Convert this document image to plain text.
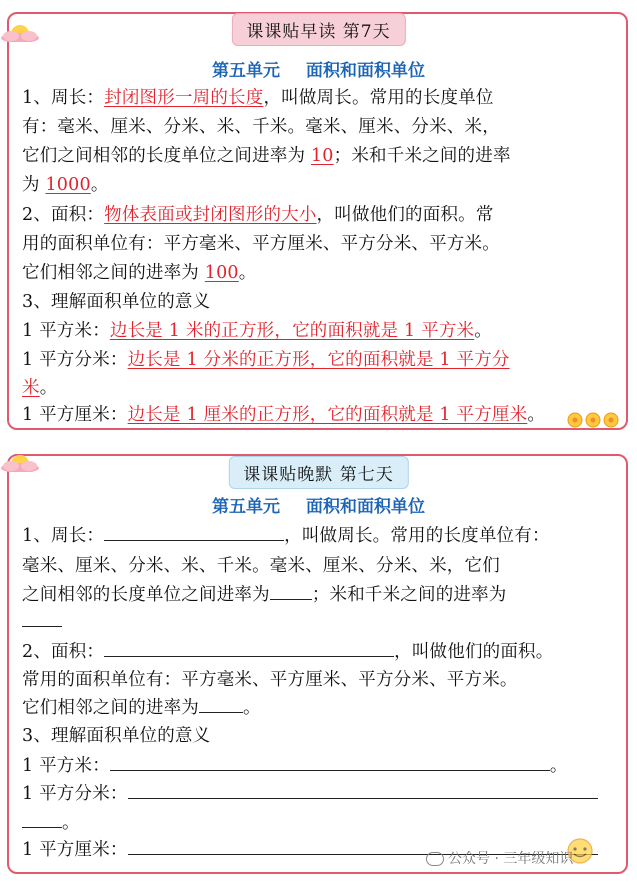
课课贴早读 第7天
第五单元 面积和面积单位
1、周长：封闭图形一周的长度，叫做周长。常用的长度单位
有：毫米、厘米、分米、米、千米。毫米、厘米、分米、米，
它们之间相邻的长度单位之间进率为 10；米和千米之间的进率
为 1000。
2、面积：物体表面或封闭图形的大小，叫做他们的面积。常
用的面积单位有：平方毫米、平方厘米、平方分米、平方米。
它们相邻之间的进率为 100。
3、理解面积单位的意义
1 平方米：边长是 1 米的正方形，它的面积就是 1 平方米。
1 平方分米：边长是 1 分米的正方形，它的面积就是 1 平方分
米。
1 平方厘米：边长是 1 厘米的正方形，它的面积就是 1 平方厘米。
课课贴晚默 第七天
第五单元 面积和面积单位
1、周长：	，叫做周长。常用的长度单位有：
毫米、厘米、分米、米、千米。毫米、厘米、分米、米，它们
之间相邻的长度单位之间进率为 ；米和千米之间的进率为
2、面积：	，叫做他们的面积。
常用的面积单位有：平方毫米、平方厘米、平方分米、平方米。
它们相邻之间的进率为	。
3、理解面积单位的意义
1 平方米：	。
1 平方分米：
。
1 平方厘米：	公众号 · 三年级知识
